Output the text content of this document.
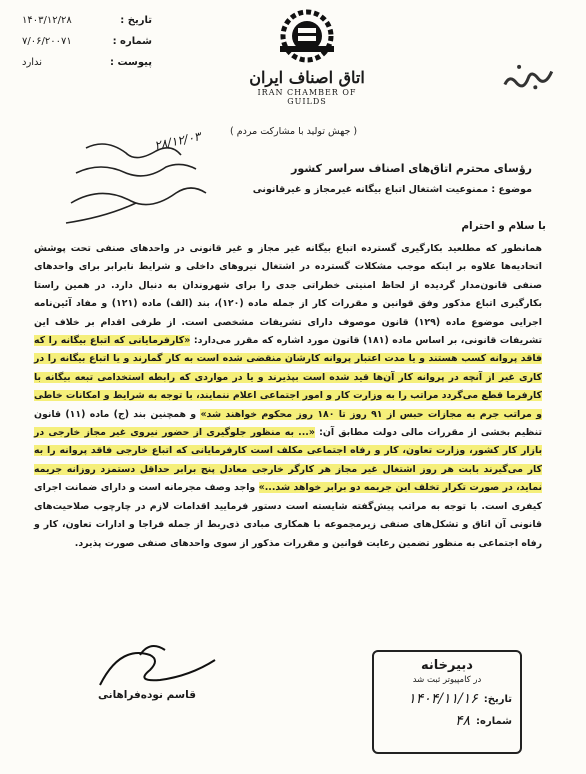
تاریخ :
۱۴۰۳/۱۲/۲۸
شماره :
۷/۰۶/۲۰۰۷۱
پیوست :
ندارد
اتاق اصناف ایران
IRAN CHAMBER OF GUILDS
( جهش تولید با مشارکت مردم )
۲۸/۱۲/۰۳
رؤسای محترم اتاق‌های اصناف سراسر کشور
موضوع : ممنوعیت اشتغال اتباع بیگانه غیرمجاز و غیرقانونی
با سلام و احترام
همانطور که مطلعید بکارگیری گسترده اتباع بیگانه غیر مجاز و غیر قانونی در واحدهای صنفی تحت پوشش اتحادیه‌ها علاوه بر اینکه موجب مشکلات گسترده در اشتغال نیروهای داخلی و شرایط نابرابر برای واحدهای صنفی قانون‌مدار گردیده از لحاظ امنیتی خطراتی جدی را برای شهروندان به دنبال دارد. در همین راستا بکارگیری اتباع مذکور وفق قوانین و مقررات کار از جمله ماده (۱۲۰)، بند (الف) ماده (۱۲۱) و مفاد آئین‌نامه اجرایی موضوع ماده (۱۲۹) قانون موصوف دارای تشریفات مشخصی است. از طرفی اقدام بر خلاف این تشریفات قانونی، بر اساس ماده (۱۸۱) قانون مورد اشاره که مقرر می‌دارد: «کارفرمایانی که اتباع بیگانه را که فاقد پروانه کسب هستند و یا مدت اعتبار پروانه کارشان منقضی شده است به کار گمارند و یا اتباع بیگانه را در کاری غیر از آنچه در پروانه کار آن‌ها قید شده است بپذیرند و یا در مواردی که رابطه استخدامی تبعه بیگانه با کارفرما قطع می‌گردد مراتب را به وزارت کار و امور اجتماعی اعلام ننمایند، با توجه به شرایط و امکانات خاطی و مراتب جرم به مجازات حبس از ۹۱ روز تا ۱۸۰ روز محکوم خواهند شد» و همچنین بند (ج) ماده (۱۱) قانون تنظیم بخشی از مقررات مالی دولت مطابق آن: «... به منظور جلوگیری از حضور نیروی غیر مجاز خارجی در بازار کار کشور، وزارت تعاون، کار و رفاه اجتماعی مکلف است کارفرمایانی که اتباع خارجی فاقد پروانه را به کار می‌گیرند بابت هر روز اشتغال غیر مجاز هر کارگر خارجی معادل پنج برابر حداقل دستمزد روزانه جریمه نماید، در صورت تکرار تخلف این جریمه دو برابر خواهد شد...» واجد وصف مجرمانه است و دارای ضمانت اجرای کیفری است. با توجه به مراتب پیش‌گفته شایسته است دستور فرمایید اقدامات لازم در چارچوب صلاحیت‌های قانونی آن اتاق و تشکل‌های صنفی زیرمجموعه با همکاری مبادی ذی‌ربط از جمله فراجا و ادارات تعاون، کار و رفاه اجتماعی به منظور تضمین رعایت قوانین و مقررات مذکور از سوی واحدهای صنفی صورت پذیرد.
قاسم نوده‌فراهانی
دبیرخانه
در کامپیوتر ثبت شد
تاریخ:
۱۴۰۴/۱۱/۱۶
شماره:
۴۸
